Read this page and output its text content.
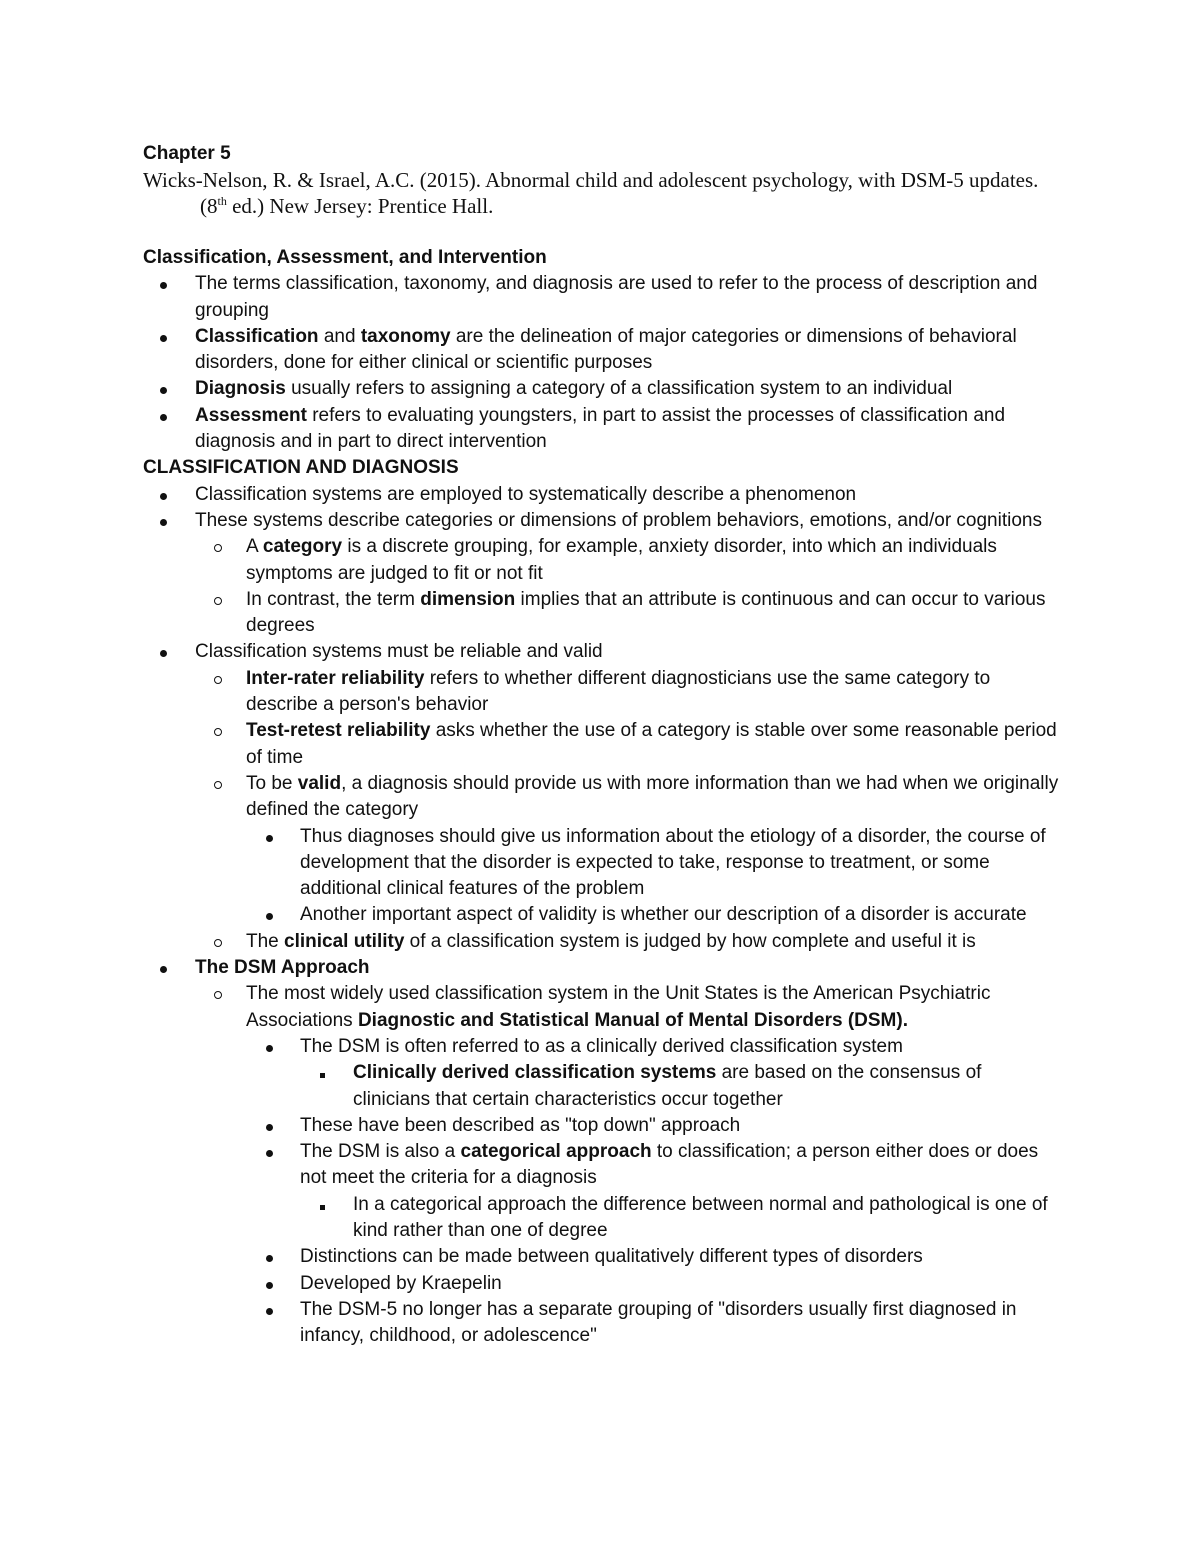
Chapter 5

Wicks-Nelson, R. & Israel, A.C. (2015). Abnormal child and adolescent psychology, with DSM-5 updates. (8th ed.) New Jersey: Prentice Hall.

Classification, Assessment, and Intervention

The terms classification, taxonomy, and diagnosis are used to refer to the process of description and grouping
Classification and taxonomy are the delineation of major categories or dimensions of behavioral disorders, done for either clinical or scientific purposes
Diagnosis usually refers to assigning a category of a classification system to an individual
Assessment refers to evaluating youngsters, in part to assist the processes of classification and diagnosis and in part to direct intervention

CLASSIFICATION AND DIAGNOSIS

Classification systems are employed to systematically describe a phenomenon
These systems describe categories or dimensions of problem behaviors, emotions, and/or cognitions
A category is a discrete grouping, for example, anxiety disorder, into which an individuals symptoms are judged to fit or not fit
In contrast, the term dimension implies that an attribute is continuous and can occur to various degrees
Classification systems must be reliable and valid
Inter-rater reliability refers to whether different diagnosticians use the same category to describe a person's behavior
Test-retest reliability asks whether the use of a category is stable over some reasonable period of time
To be valid, a diagnosis should provide us with more information than we had when we originally defined the category
Thus diagnoses should give us information about the etiology of a disorder, the course of development that the disorder is expected to take, response to treatment, or some additional clinical features of the problem
Another important aspect of validity is whether our description of a disorder is accurate
The clinical utility of a classification system is judged by how complete and useful it is
The DSM Approach
The most widely used classification system in the Unit States is the American Psychiatric Associations Diagnostic and Statistical Manual of Mental Disorders (DSM).
The DSM is often referred to as a clinically derived classification system
Clinically derived classification systems are based on the consensus of clinicians that certain characteristics occur together
These have been described as "top down" approach
The DSM is also a categorical approach to classification; a person either does or does not meet the criteria for a diagnosis
In a categorical approach the difference between normal and pathological is one of kind rather than one of degree
Distinctions can be made between qualitatively different types of disorders
Developed by Kraepelin
The DSM-5 no longer has a separate grouping of "disorders usually first diagnosed in infancy, childhood, or adolescence"
